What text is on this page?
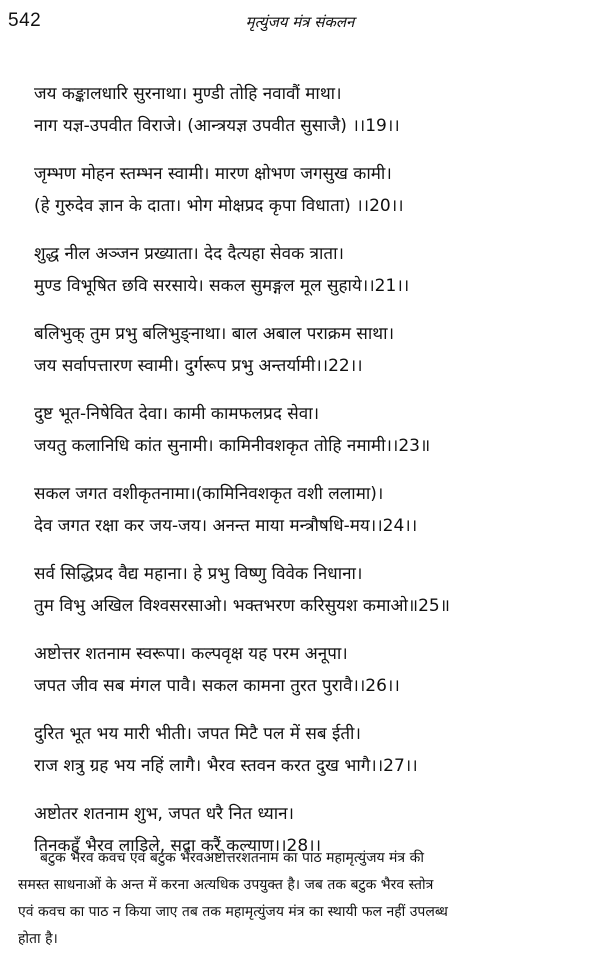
542	मृत्युंजय मंत्र संकलन
जय कङ्कालधारि सुरनाथा। मुण्डी तोहि नवावौं माथा।
नाग यज्ञ-उपवीत विराजे। (आन्त्रयज्ञ उपवीत सुसाजै) ।।19।।
जृम्भण मोहन स्तम्भन स्वामी। मारण क्षोभण जगसुख कामी।
(हे गुरुदेव ज्ञान के दाता। भोग मोक्षप्रद कृपा विधाता) ।।20।।
शुद्ध नील अञ्जन प्रख्याता। देद दैत्यहा सेवक त्राता।
मुण्ड विभूषित छवि सरसाये। सकल सुमङ्गल मूल सुहाये।।21।।
बलिभुक् तुम प्रभु बलिभुङ्नाथा। बाल अबाल पराक्रम साथा।
जय सर्वापत्तारण स्वामी। दुर्गरूप प्रभु अन्तर्यामी।।22।।
दुष्ट भूत-निषेवित देवा। कामी कामफलप्रद सेवा।
जयतु कलानिधि कांत सुनामी। कामिनीवशकृत तोहि नमामी।।23॥
सकल जगत वशीकृतनामा।(कामिनिवशकृत वशी ललामा)।
देव जगत रक्षा कर जय-जय। अनन्त माया मन्त्रौषधि-मय।।24।।
सर्व सिद्धिप्रद वैद्य महाना। हे प्रभु विष्णु विवेक निधाना।
तुम विभु अखिल विश्वसरसाओ। भक्तभरण करिसुयश कमाओ॥25॥
अष्टोत्तर शतनाम स्वरूपा। कल्पवृक्ष यह परम अनूपा।
जपत जीव सब मंगल पावै। सकल कामना तुरत पुरावै।।26।।
दुरित भूत भय मारी भीती। जपत मिटै पल में सब ईती।
राज शत्रु ग्रह भय नहिं लागै। भैरव स्तवन करत दुख भागै।।27।।
अष्टोतर शतनाम शुभ, जपत धरै नित ध्यान।
तिनकहँ भैरव लाडिले, सदा करैं कल्याण।।28।।
बटुक भैरव कवच एवं बटुक भैरवअष्टोत्तरशतनाम का पाठ महामृत्युंजय मंत्र की
समस्त साधनाओं के अन्त में करना अत्यधिक उपयुक्त है। जब तक बटुक भैरव स्तोत्र
एवं कवच का पाठ न किया जाए तब तक महामृत्युंजय मंत्र का स्थायी फल नहीं उपलब्ध
होता है।
